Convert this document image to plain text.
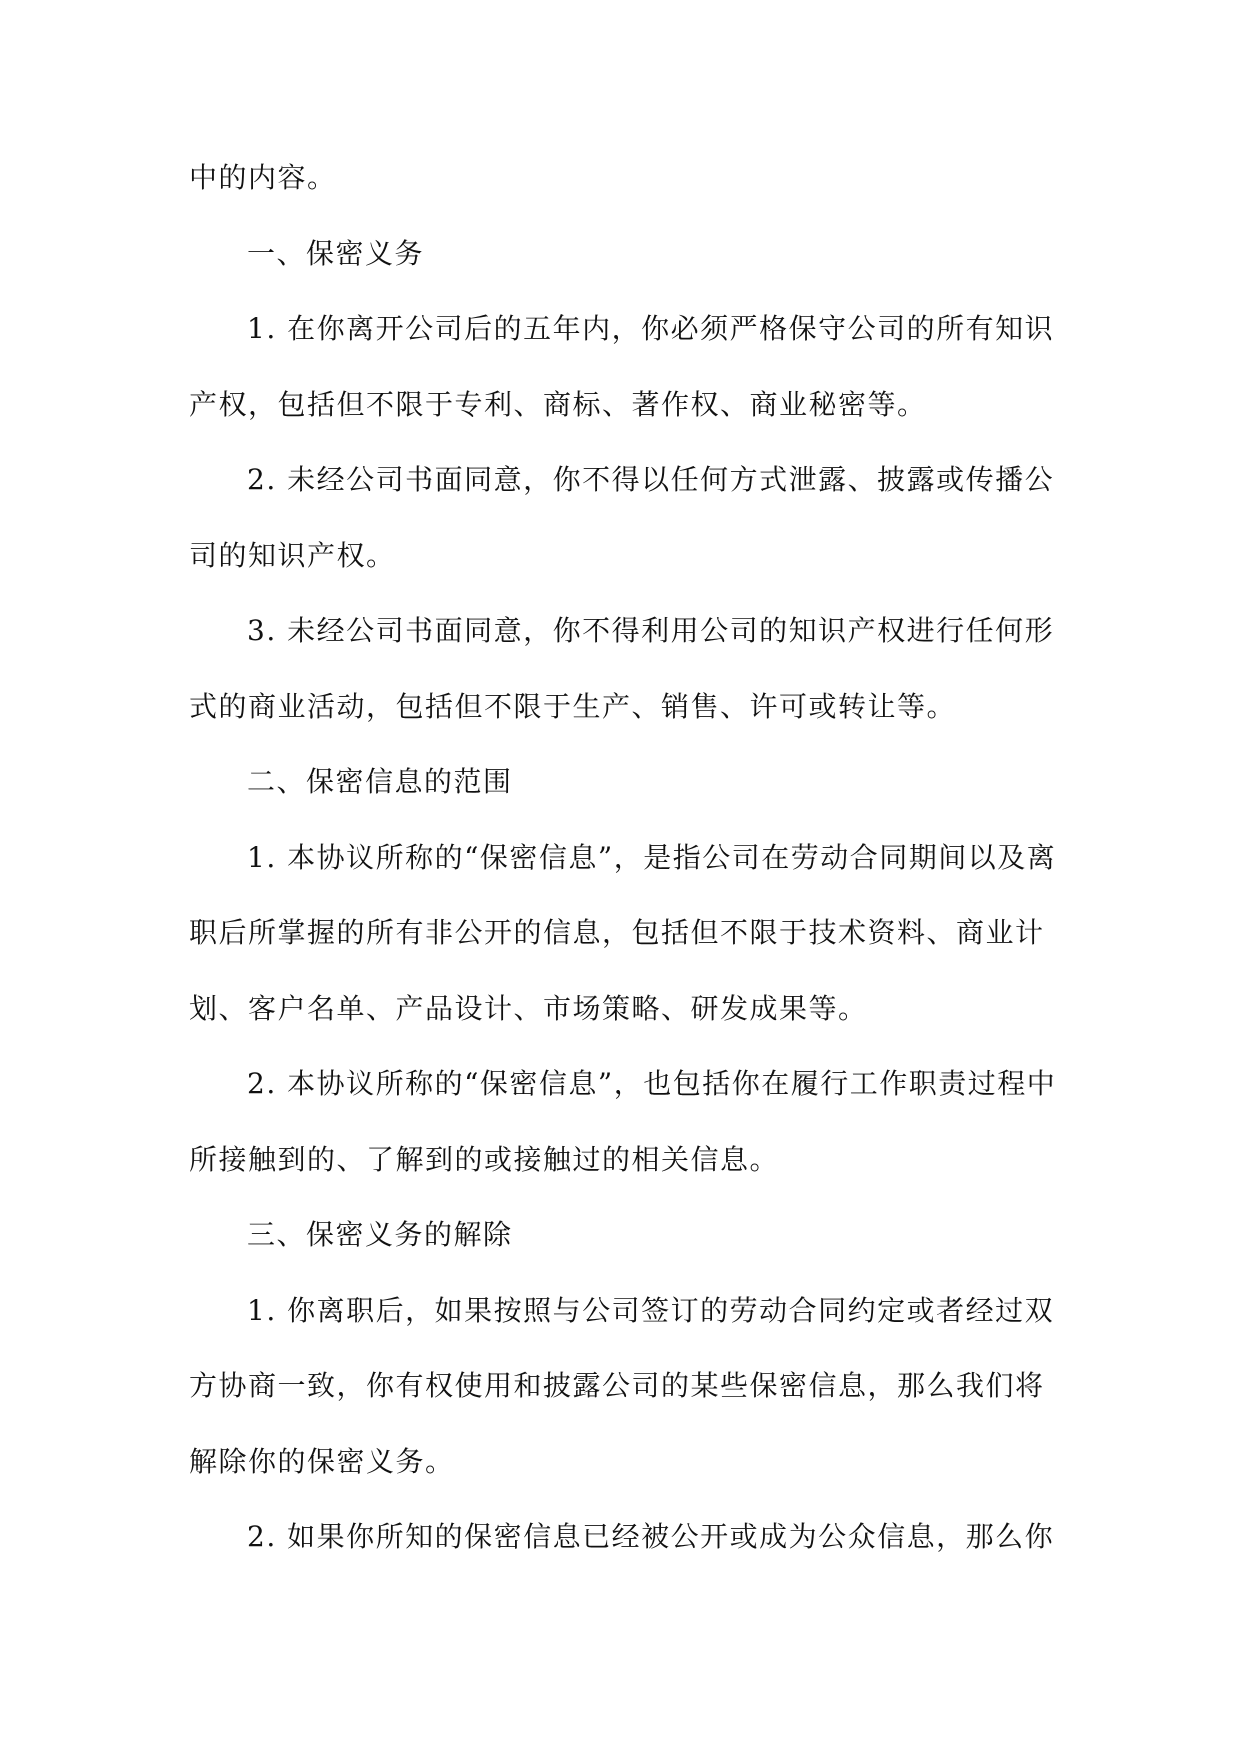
中的内容。

一、保密义务

1. 在你离开公司后的五年内，你必须严格保守公司的所有知识产权，包括但不限于专利、商标、著作权、商业秘密等。

2. 未经公司书面同意，你不得以任何方式泄露、披露或传播公司的知识产权。

3. 未经公司书面同意，你不得利用公司的知识产权进行任何形式的商业活动，包括但不限于生产、销售、许可或转让等。

二、保密信息的范围

1. 本协议所称的“保密信息”，是指公司在劳动合同期间以及离职后所掌握的所有非公开的信息，包括但不限于技术资料、商业计划、客户名单、产品设计、市场策略、研发成果等。

2. 本协议所称的“保密信息”，也包括你在履行工作职责过程中所接触到的、了解到的或接触过的相关信息。

三、保密义务的解除

1. 你离职后，如果按照与公司签订的劳动合同约定或者经过双方协商一致，你有权使用和披露公司的某些保密信息，那么我们将解除你的保密义务。

2. 如果你所知的保密信息已经被公开或成为公众信息，那么你
